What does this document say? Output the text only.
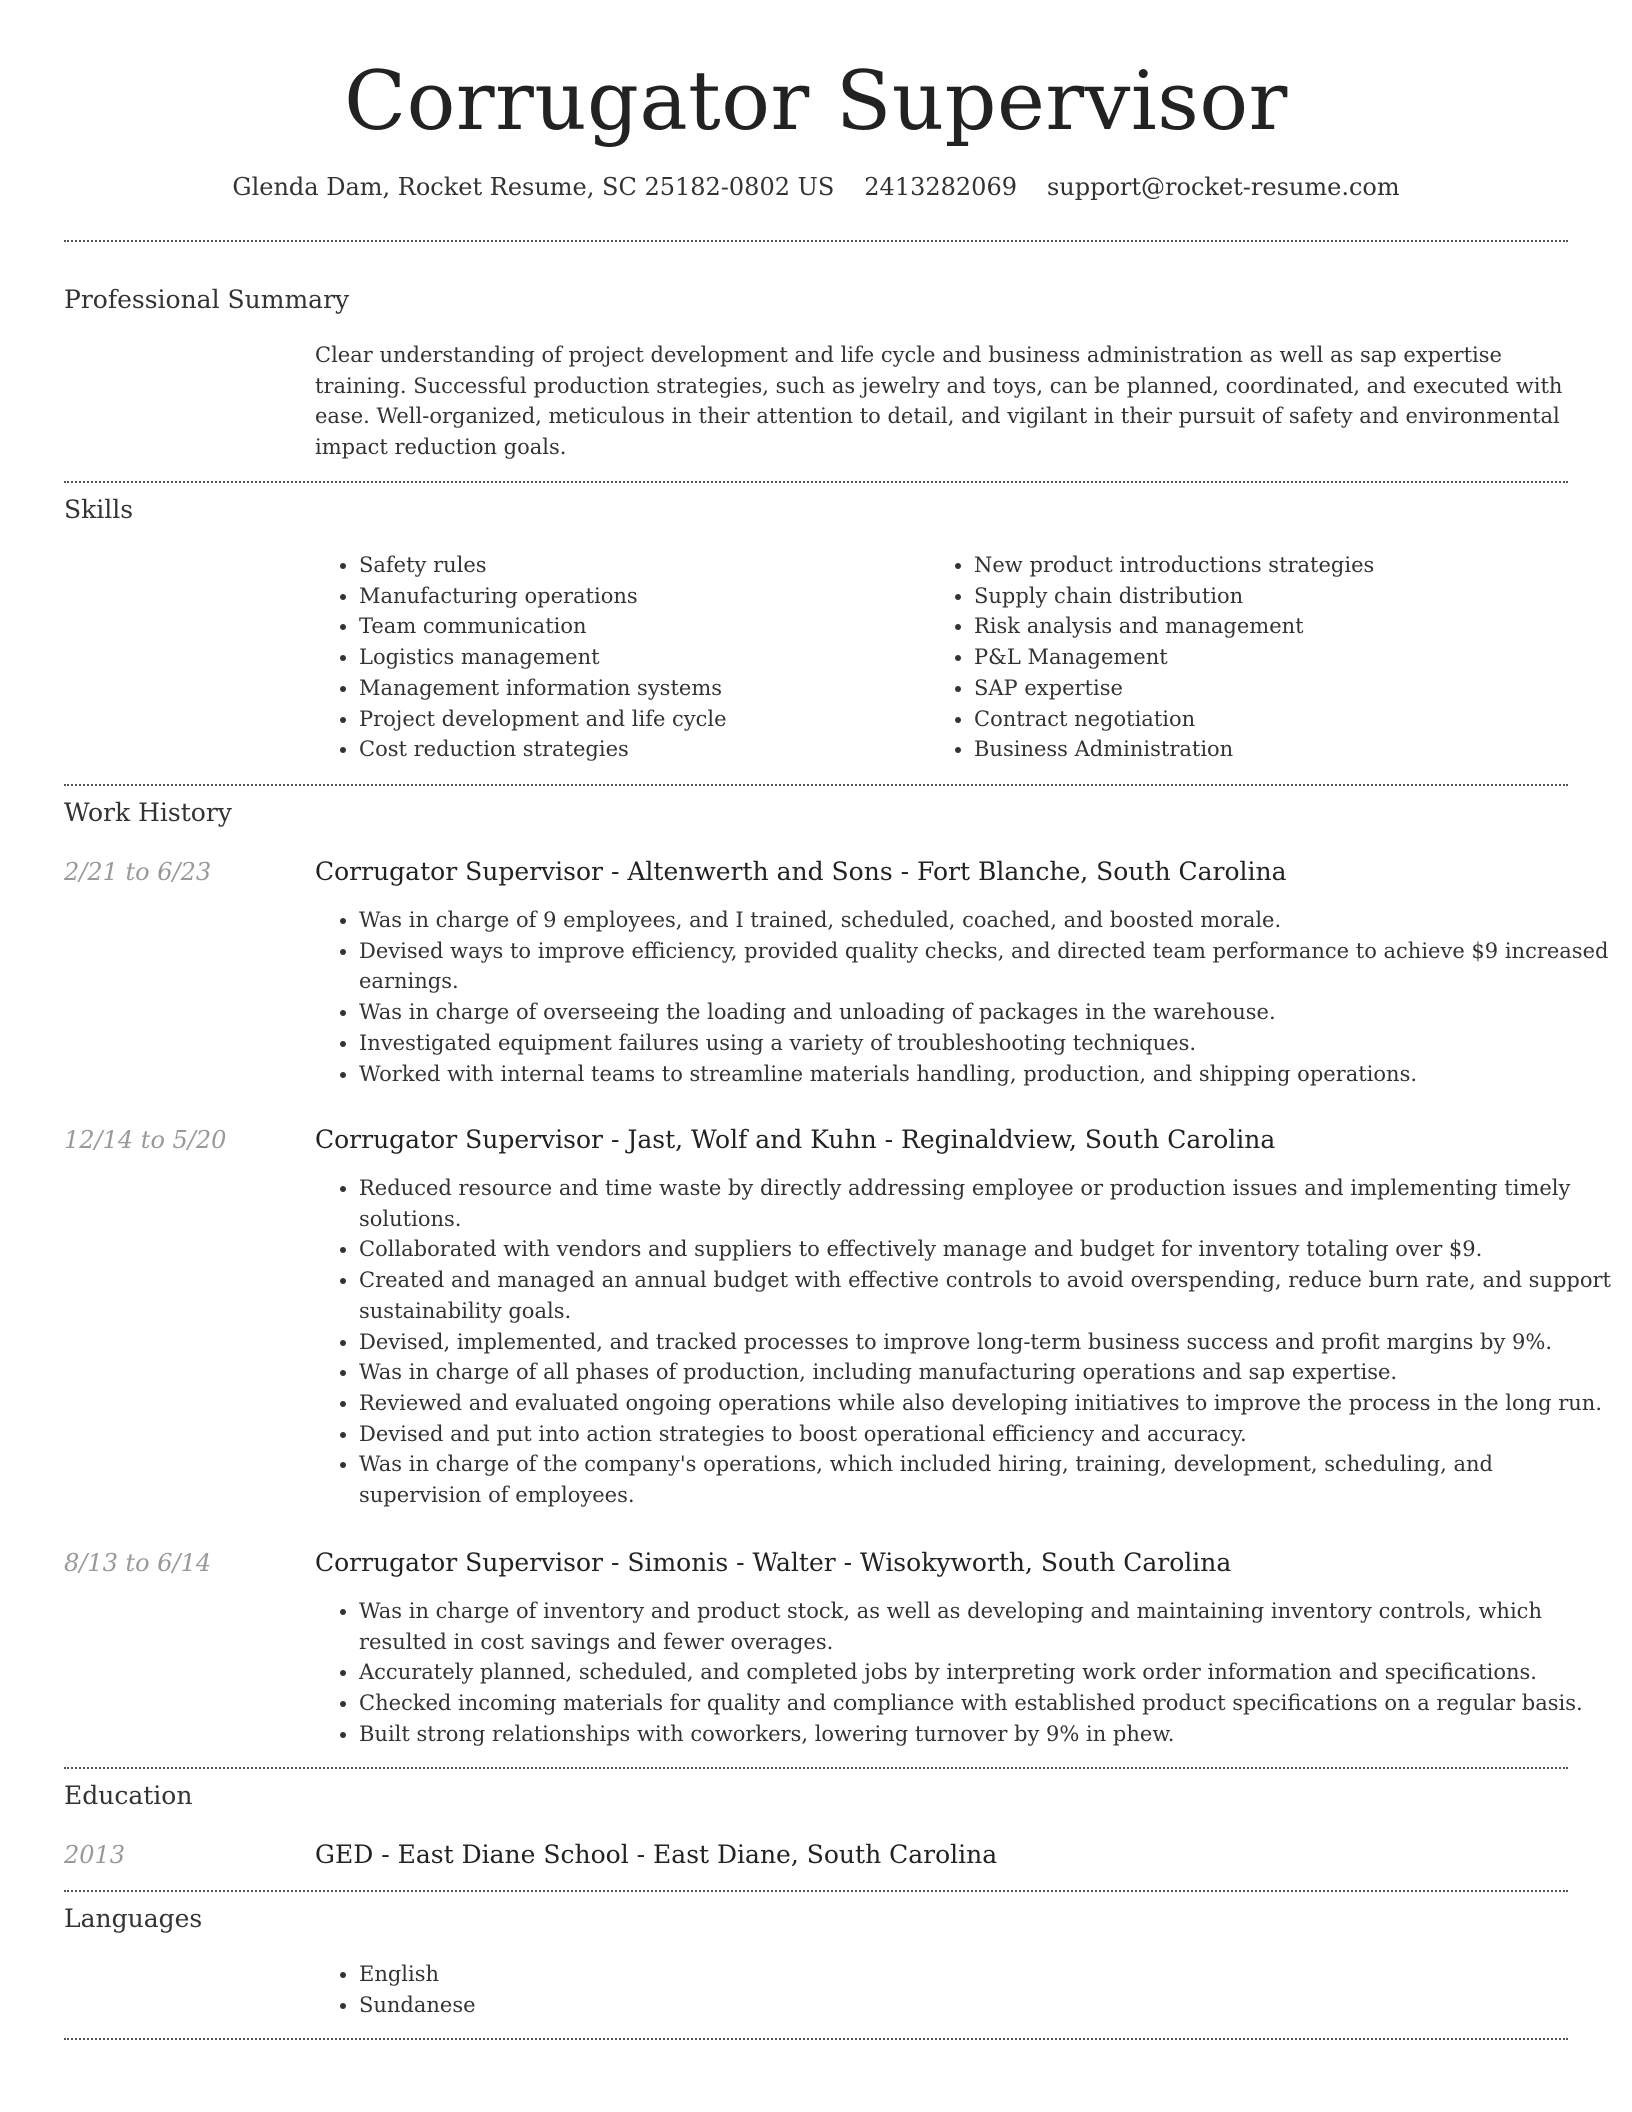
Corrugator Supervisor
Glenda Dam, Rocket Resume, SC 25182-0802 US 2413282069 support@rocket-resume.com
Professional Summary

Clear understanding of project development and life cycle and business administration as well as sap expertise training. Successful production strategies, such as jewelry and toys, can be planned, coordinated, and executed with ease. Well-organized, meticulous in their attention to detail, and vigilant in their pursuit of safety and environmental impact reduction goals.

Skills
• Safety rules
• Manufacturing operations
• Team communication
• Logistics management
• Management information systems
• Project development and life cycle
• Cost reduction strategies
• New product introductions strategies
• Supply chain distribution
• Risk analysis and management
• P&L Management
• SAP expertise
• Contract negotiation
• Business Administration
Work History
2/21 to 6/23	Corrugator Supervisor - Altenwerth and Sons - Fort Blanche, South Carolina
• Was in charge of 9 employees, and I trained, scheduled, coached, and boosted morale.
• Devised ways to improve efficiency, provided quality checks, and directed team performance to achieve $9 increased earnings.
• Was in charge of overseeing the loading and unloading of packages in the warehouse.
• Investigated equipment failures using a variety of troubleshooting techniques.
• Worked with internal teams to streamline materials handling, production, and shipping operations.
12/14 to 5/20	Corrugator Supervisor - Jast, Wolf and Kuhn - Reginaldview, South Carolina
• Reduced resource and time waste by directly addressing employee or production issues and implementing timely solutions.
• Collaborated with vendors and suppliers to effectively manage and budget for inventory totaling over $9.
• Created and managed an annual budget with effective controls to avoid overspending, reduce burn rate, and support sustainability goals.
• Devised, implemented, and tracked processes to improve long-term business success and profit margins by 9%.
• Was in charge of all phases of production, including manufacturing operations and sap expertise.
• Reviewed and evaluated ongoing operations while also developing initiatives to improve the process in the long run.
• Devised and put into action strategies to boost operational efficiency and accuracy.
• Was in charge of the company's operations, which included hiring, training, development, scheduling, and supervision of employees.
8/13 to 6/14	Corrugator Supervisor - Simonis - Walter - Wisokyworth, South Carolina
• Was in charge of inventory and product stock, as well as developing and maintaining inventory controls, which resulted in cost savings and fewer overages.
• Accurately planned, scheduled, and completed jobs by interpreting work order information and specifications.
• Checked incoming materials for quality and compliance with established product specifications on a regular basis.
• Built strong relationships with coworkers, lowering turnover by 9% in phew.
Education
2013	GED - East Diane School - East Diane, South Carolina
Languages
• English
• Sundanese
